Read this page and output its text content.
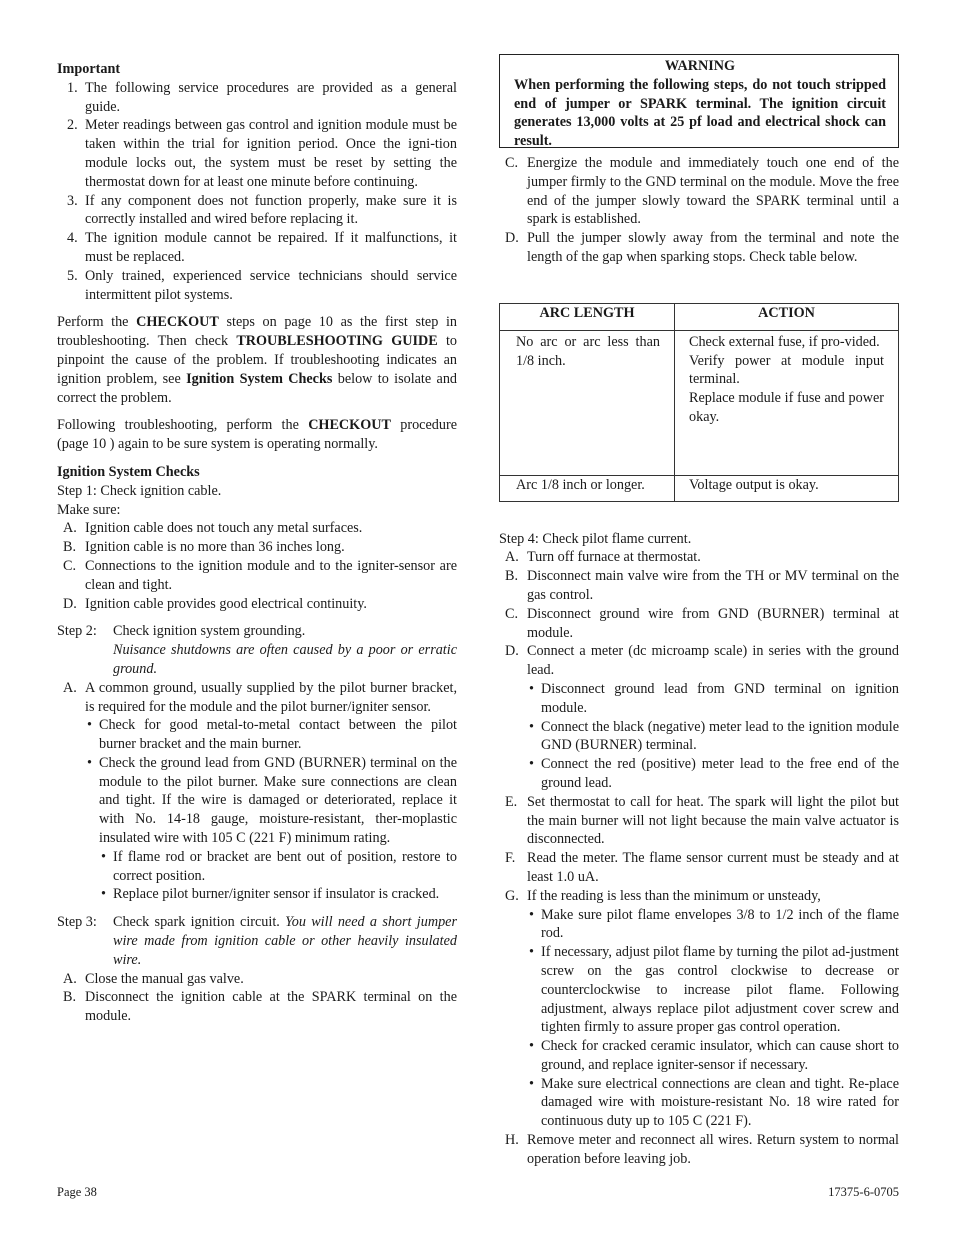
Important

1. The following service procedures are provided as a general guide.
2. Meter readings between gas control and ignition module must be taken within the trial for ignition period. Once the igni-tion module locks out, the system must be reset by setting the thermostat down for at least one minute before continuing.
3. If any component does not function properly, make sure it is correctly installed and wired before replacing it.
4. The ignition module cannot be repaired. If it malfunctions, it must be replaced.
5. Only trained, experienced service technicians should service intermittent pilot systems.

Perform the CHECKOUT steps on page 10 as the first step in troubleshooting. Then check TROUBLESHOOTING GUIDE to pinpoint the cause of the problem. If troubleshooting indicates an ignition problem, see Ignition System Checks below to isolate and correct the problem.

Following troubleshooting, perform the CHECKOUT procedure (page 10 ) again to be sure system is operating normally.

Ignition System Checks

Step 1: Check ignition cable.

Make sure:

A. Ignition cable does not touch any metal surfaces.
B. Ignition cable is no more than 36 inches long.
C. Connections to the ignition module and to the igniter-sensor are clean and tight.
D. Ignition cable provides good electrical continuity.
Step 2: Check ignition system grounding.

Nuisance shutdowns are often caused by a poor or erratic ground.
A. A common ground, usually supplied by the pilot burner bracket, is required for the module and the pilot burner/igniter sensor.
• Check for good metal-to-metal contact between the pilot burner bracket and the main burner.
• Check the ground lead from GND (BURNER) terminal on the module to the pilot burner. Make sure connections are clean and tight. If the wire is damaged or deteriorated, replace it with No. 14-18 gauge, moisture-resistant, ther-moplastic insulated wire with 105 C (221 F) minimum rating.
• If flame rod or bracket are bent out of position, restore to correct position.
• Replace pilot burner/igniter sensor if insulator is cracked.
Step 3: Check spark ignition circuit. You will need a short jumper wire made from ignition cable or other heavily insulated wire.
A. Close the manual gas valve.
B. Disconnect the ignition cable at the SPARK terminal on the module.
WARNING
When performing the following steps, do not touch stripped end of jumper or SPARK terminal. The ignition circuit generates 13,000 volts at 25 pf load and electrical shock can result.
C. Energize the module and immediately touch one end of the jumper firmly to the GND terminal on the module. Move the free end of the jumper slowly toward the SPARK terminal until a spark is established.
D. Pull the jumper slowly away from the terminal and note the length of the gap when sparking stops. Check table below.
ARC LENGTH	ACTION

No arc or arc less than 1/8 inch.	Check external fuse, if pro-vided.
Verify power at module input terminal.
Replace module if fuse and power okay.

Arc 1/8 inch or longer.	Voltage output is okay.

Step 4: Check pilot flame current.

A. Turn off furnace at thermostat.
B. Disconnect main valve wire from the TH or MV terminal on the gas control.
C. Disconnect ground wire from GND (BURNER) terminal at module.
D. Connect a meter (dc microamp scale) in series with the ground lead.
• Disconnect ground lead from GND terminal on ignition module.
• Connect the black (negative) meter lead to the ignition module GND (BURNER) terminal.
• Connect the red (positive) meter lead to the free end of the ground lead.
E. Set thermostat to call for heat. The spark will light the pilot but the main burner will not light because the main valve actuator is disconnected.
F. Read the meter. The flame sensor current must be steady and at least 1.0 uA.
G. If the reading is less than the minimum or unsteady,
• Make sure pilot flame envelopes 3/8 to 1/2 inch of the flame rod.
• If necessary, adjust pilot flame by turning the pilot ad-justment screw on the gas control clockwise to decrease or counterclockwise to increase pilot flame. Following adjustment, always replace pilot adjustment cover screw and tighten firmly to assure proper gas control operation.
• Check for cracked ceramic insulator, which can cause short to ground, and replace igniter-sensor if necessary.
• Make sure electrical connections are clean and tight. Re-place damaged wire with moisture-resistant No. 18 wire rated for continuous duty up to 105 C (221 F).
H. Remove meter and reconnect all wires. Return system to normal operation before leaving job.
Page 38	17375-6-0705
